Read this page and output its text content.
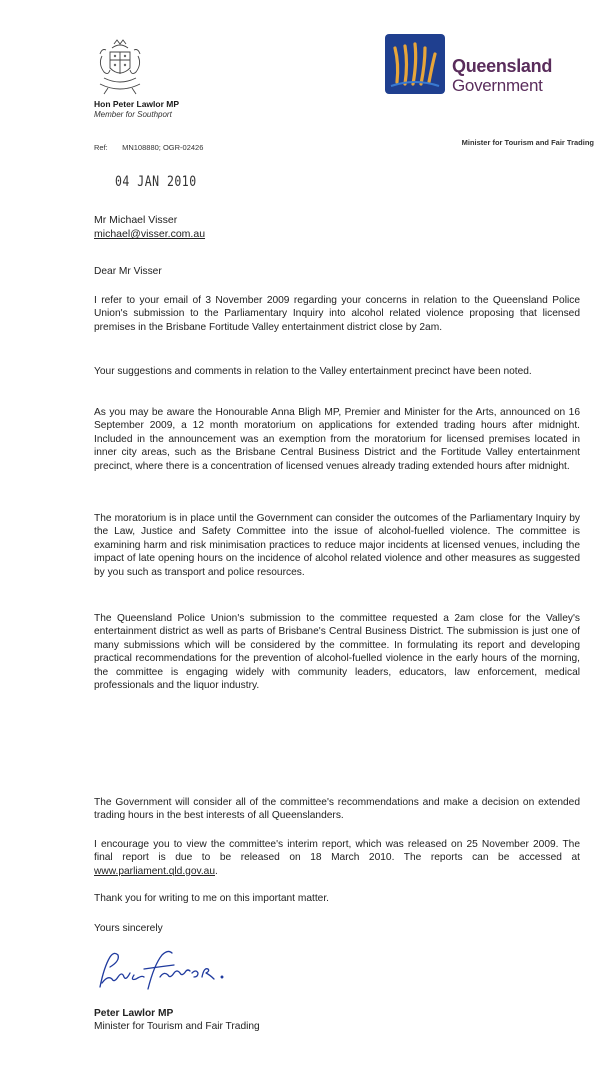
Hon Peter Lawlor MP
Member for Southport
Queensland
Government
Minister for Tourism and Fair Trading
Ref: MN108880; OGR-02426
04 JAN 2010
Mr Michael Visser
michael@visser.com.au
Dear Mr Visser
I refer to your email of 3 November 2009 regarding your concerns in relation to the Queensland Police Union's submission to the Parliamentary Inquiry into alcohol related violence proposing that licensed premises in the Brisbane Fortitude Valley entertainment district close by 2am.
Your suggestions and comments in relation to the Valley entertainment precinct have been noted.
As you may be aware the Honourable Anna Bligh MP, Premier and Minister for the Arts, announced on 16 September 2009, a 12 month moratorium on applications for extended trading hours after midnight. Included in the announcement was an exemption from the moratorium for licensed premises located in inner city areas, such as the Brisbane Central Business District and the Fortitude Valley entertainment precinct, where there is a concentration of licensed venues already trading extended hours after midnight.
The moratorium is in place until the Government can consider the outcomes of the Parliamentary Inquiry by the Law, Justice and Safety Committee into the issue of alcohol-fuelled violence. The committee is examining harm and risk minimisation practices to reduce major incidents at licensed venues, including the impact of late opening hours on the incidence of alcohol related violence and other measures as suggested by you such as transport and police resources.
The Queensland Police Union's submission to the committee requested a 2am close for the Valley's entertainment district as well as parts of Brisbane's Central Business District. The submission is just one of many submissions which will be considered by the committee. In formulating its report and developing practical recommendations for the prevention of alcohol-fuelled violence in the early hours of the morning, the committee is engaging widely with community leaders, educators, law enforcement, medical professionals and the liquor industry.
The Government will consider all of the committee's recommendations and make a decision on extended trading hours in the best interests of all Queenslanders.
I encourage you to view the committee's interim report, which was released on 25 November 2009. The final report is due to be released on 18 March 2010. The reports can be accessed at www.parliament.qld.gov.au.
Thank you for writing to me on this important matter.
Yours sincerely
Peter Lawlor MP
Minister for Tourism and Fair Trading
